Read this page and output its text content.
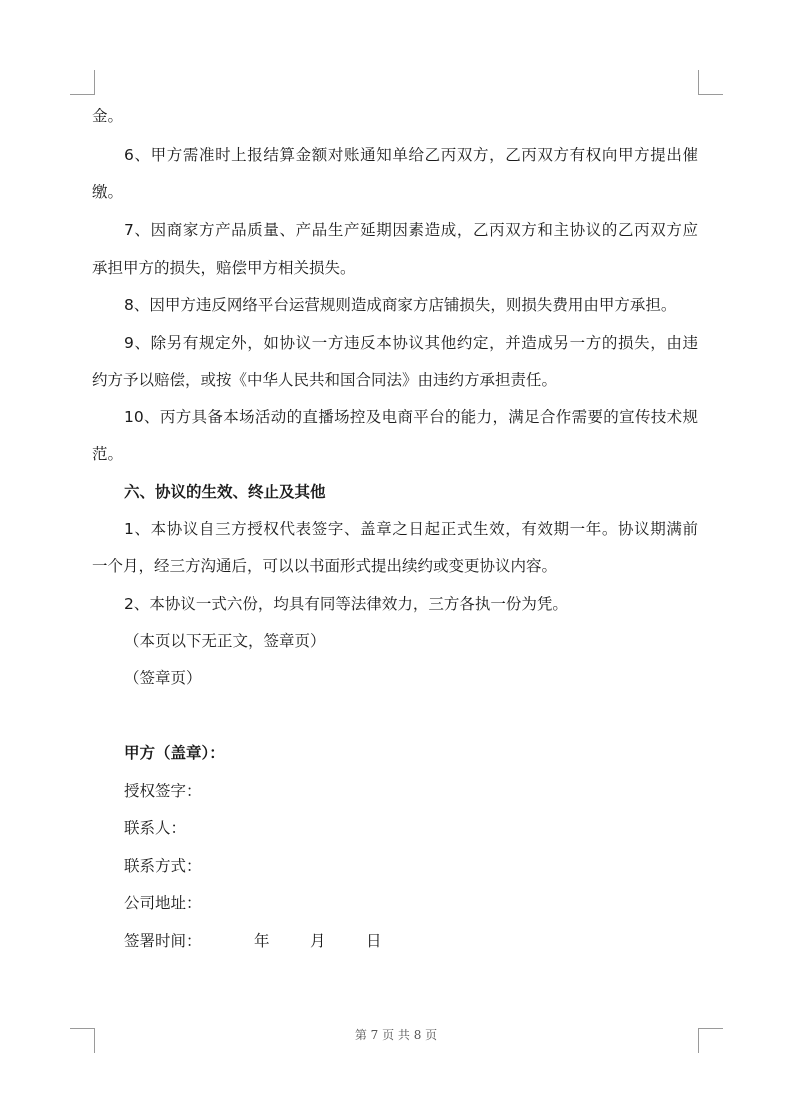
金。
6、甲方需准时上报结算金额对账通知单给乙丙双方，乙丙双方有权向甲方提出催
缴。
7、因商家方产品质量、产品生产延期因素造成，乙丙双方和主协议的乙丙双方应
承担甲方的损失，赔偿甲方相关损失。
8、因甲方违反网络平台运营规则造成商家方店铺损失，则损失费用由甲方承担。
9、除另有规定外，如协议一方违反本协议其他约定，并造成另一方的损失，由违
约方予以赔偿，或按《中华人民共和国合同法》由违约方承担责任。
10、丙方具备本场活动的直播场控及电商平台的能力，满足合作需要的宣传技术规
范。
六、协议的生效、终止及其他
1、本协议自三方授权代表签字、盖章之日起正式生效，有效期一年。协议期满前
一个月，经三方沟通后，可以以书面形式提出续约或变更协议内容。
2、本协议一式六份，均具有同等法律效力，三方各执一份为凭。
（本页以下无正文，签章页）
（签章页）
甲方（盖章）：
授权签字：
联系人：
联系方式：
公司地址：
签署时间：	年	月	日
第 7 页 共 8 页
